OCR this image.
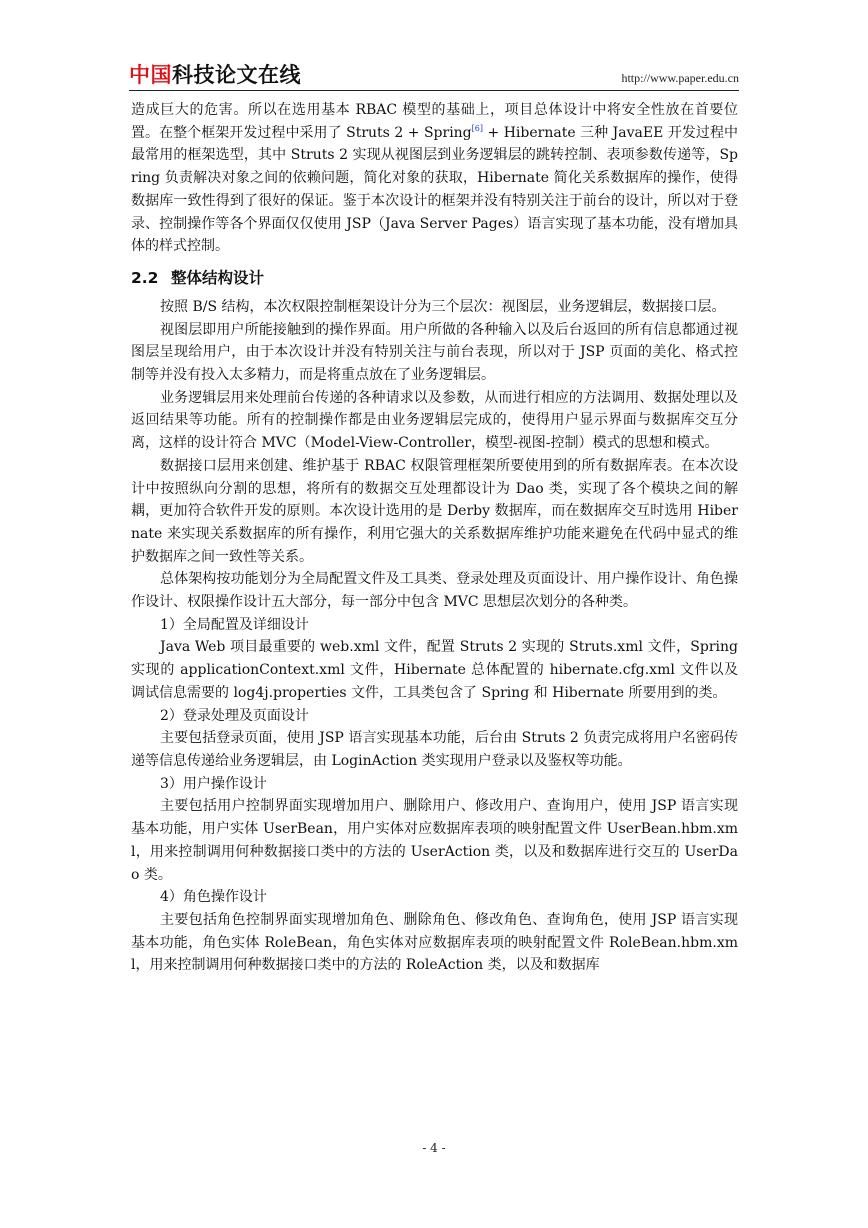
中国科技论文在线	http://www.paper.edu.cn

造成巨大的危害。所以在选用基本 RBAC 模型的基础上，项目总体设计中将安全性放在首要位置。在整个框架开发过程中采用了 Struts 2 + Spring[6] + Hibernate 三种 JavaEE 开发过程中最常用的框架选型，其中 Struts 2 实现从视图层到业务逻辑层的跳转控制、表项参数传递等，Spring 负责解决对象之间的依赖问题，简化对象的获取，Hibernate 简化关系数据库的操作，使得数据库一致性得到了很好的保证。鉴于本次设计的框架并没有特别关注于前台的设计，所以对于登录、控制操作等各个界面仅仅使用 JSP（Java Server Pages）语言实现了基本功能，没有增加具体的样式控制。

2.2 整体结构设计

按照 B/S 结构，本次权限控制框架设计分为三个层次：视图层，业务逻辑层，数据接口层。

视图层即用户所能接触到的操作界面。用户所做的各种输入以及后台返回的所有信息都通过视图层呈现给用户，由于本次设计并没有特别关注与前台表现，所以对于 JSP 页面的美化、格式控制等并没有投入太多精力，而是将重点放在了业务逻辑层。

业务逻辑层用来处理前台传递的各种请求以及参数，从而进行相应的方法调用、数据处理以及返回结果等功能。所有的控制操作都是由业务逻辑层完成的，使得用户显示界面与数据库交互分离，这样的设计符合 MVC（Model-View-Controller，模型-视图-控制）模式的思想和模式。

数据接口层用来创建、维护基于 RBAC 权限管理框架所要使用到的所有数据库表。在本次设计中按照纵向分割的思想，将所有的数据交互处理都设计为 Dao 类，实现了各个模块之间的解耦，更加符合软件开发的原则。本次设计选用的是 Derby 数据库，而在数据库交互时选用 Hibernate 来实现关系数据库的所有操作，利用它强大的关系数据库维护功能来避免在代码中显式的维护数据库之间一致性等关系。

总体架构按功能划分为全局配置文件及工具类、登录处理及页面设计、用户操作设计、角色操作设计、权限操作设计五大部分，每一部分中包含 MVC 思想层次划分的各种类。

1）全局配置及详细设计

Java Web 项目最重要的 web.xml 文件，配置 Struts 2 实现的 Struts.xml 文件，Spring 实现的 applicationContext.xml 文件，Hibernate 总体配置的 hibernate.cfg.xml 文件以及调试信息需要的 log4j.properties 文件，工具类包含了 Spring 和 Hibernate 所要用到的类。

2）登录处理及页面设计

主要包括登录页面，使用 JSP 语言实现基本功能，后台由 Struts 2 负责完成将用户名密码传递等信息传递给业务逻辑层，由 LoginAction 类实现用户登录以及鉴权等功能。

3）用户操作设计

主要包括用户控制界面实现增加用户、删除用户、修改用户、查询用户，使用 JSP 语言实现基本功能，用户实体 UserBean，用户实体对应数据库表项的映射配置文件 UserBean.hbm.xml，用来控制调用何种数据接口类中的方法的 UserAction 类，以及和数据库进行交互的 UserDao 类。

4）角色操作设计

主要包括角色控制界面实现增加角色、删除角色、修改角色、查询角色，使用 JSP 语言实现基本功能，角色实体 RoleBean，角色实体对应数据库表项的映射配置文件 RoleBean.hbm.xml，用来控制调用何种数据接口类中的方法的 RoleAction 类，以及和数据库

- 4 -
